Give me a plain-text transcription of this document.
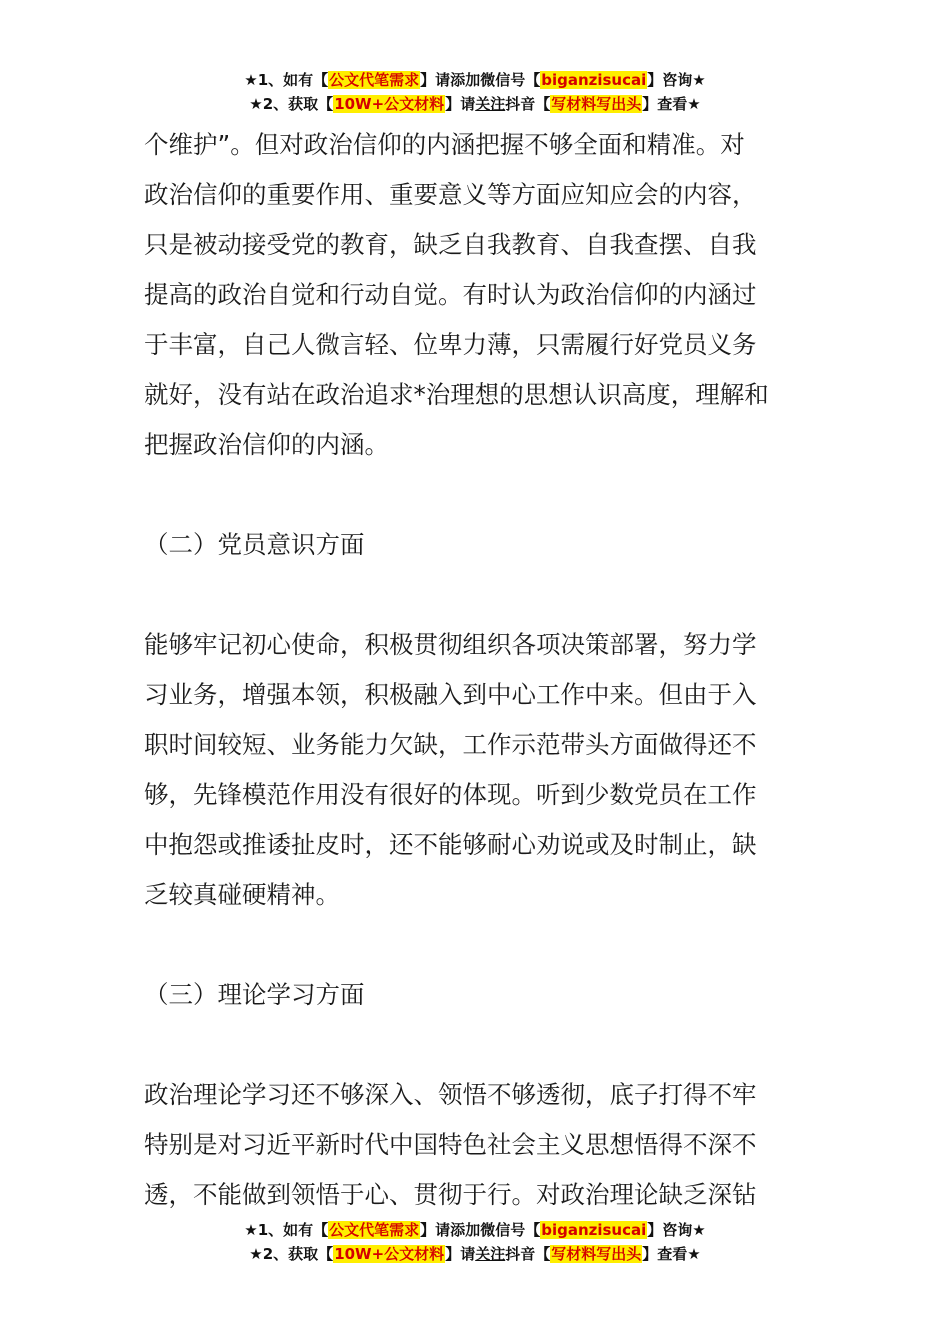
★1、如有【公文代笔需求】请添加微信号【biganzisucai】咨询★
★2、获取【10W+公文材料】请关注抖音【写材料写出头】查看★

个维护”。但对政治信仰的内涵把握不够全面和精准。对
政治信仰的重要作用、重要意义等方面应知应会的内容，
只是被动接受党的教育，缺乏自我教育、自我查摆、自我
提高的政治自觉和行动自觉。有时认为政治信仰的内涵过
于丰富，自己人微言轻、位卑力薄，只需履行好党员义务
就好，没有站在政治追求*治理想的思想认识高度，理解和
把握政治信仰的内涵。

（二）党员意识方面

能够牢记初心使命，积极贯彻组织各项决策部署，努力学
习业务，增强本领，积极融入到中心工作中来。但由于入
职时间较短、业务能力欠缺，工作示范带头方面做得还不
够，先锋模范作用没有很好的体现。听到少数党员在工作
中抱怨或推诿扯皮时，还不能够耐心劝说或及时制止，缺
乏较真碰硬精神。

（三）理论学习方面

政治理论学习还不够深入、领悟不够透彻，底子打得不牢
特别是对习近平新时代中国特色社会主义思想悟得不深不
透，不能做到领悟于心、贯彻于行。对政治理论缺乏深钻

★1、如有【公文代笔需求】请添加微信号【biganzisucai】咨询★
★2、获取【10W+公文材料】请关注抖音【写材料写出头】查看★
